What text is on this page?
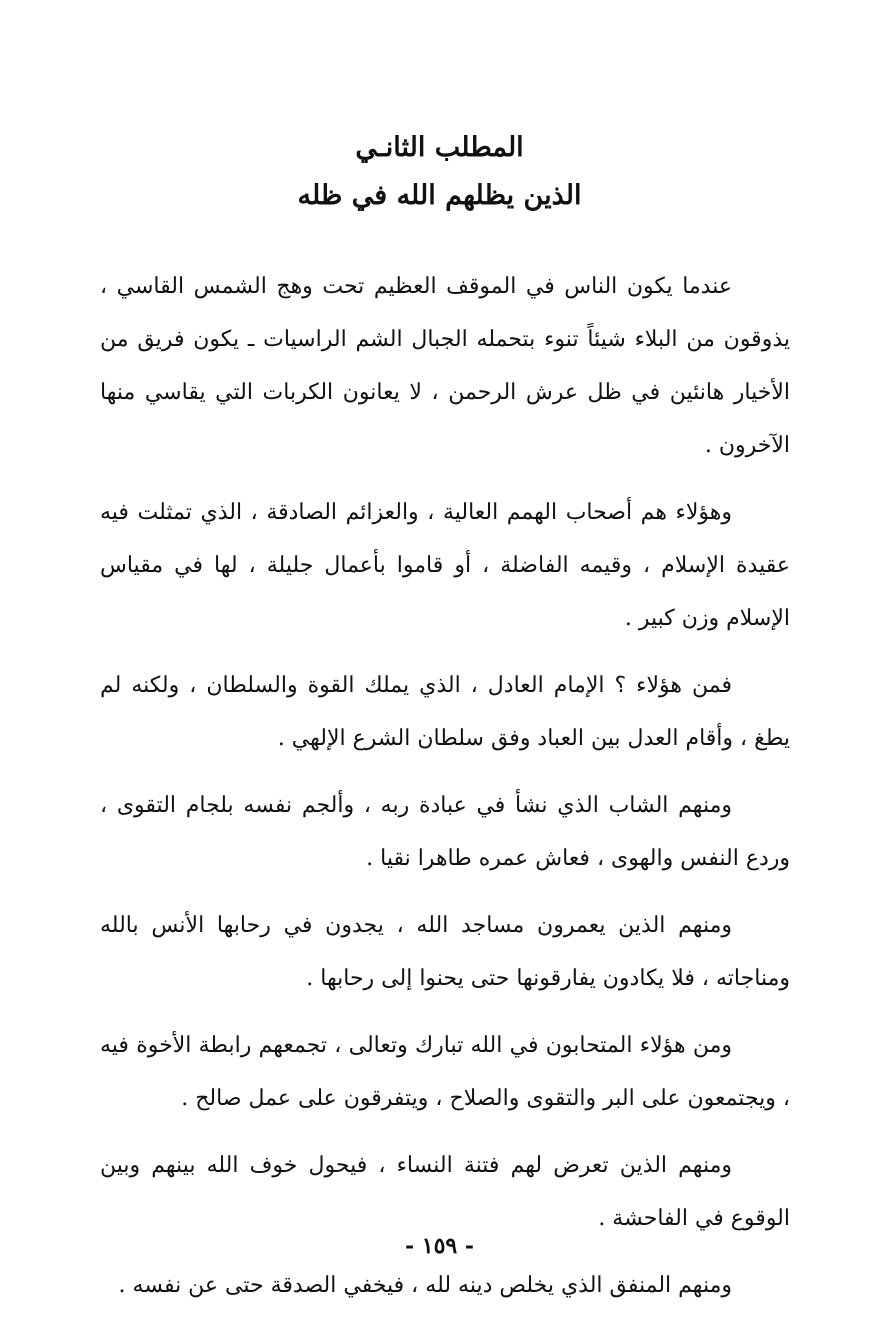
المطلب الثانـي
الذين يظلهم الله في ظله

عندما يكون الناس في الموقف العظيم تحت وهج الشمس القاسي ، يذوقون من البلاء شيئاً تنوء بتحمله الجبال الشم الراسيات ـ يكون فريق من الأخيار هانئين في ظل عرش الرحمن ، لا يعانون الكربات التي يقاسي منها الآخرون .

وهؤلاء هم أصحاب الهمم العالية ، والعزائم الصادقة ، الذي تمثلت فيه عقيدة الإسلام ، وقيمه الفاضلة ، أو قاموا بأعمال جليلة ، لها في مقياس الإسلام وزن كبير .

فمن هؤلاء ؟ الإمام العادل ، الذي يملك القوة والسلطان ، ولكنه لم يطغ ، وأقام العدل بين العباد وفق سلطان الشرع الإلهي .

ومنهم الشاب الذي نشأ في عبادة ربه ، وألجم نفسه بلجام التقوى ، وردع النفس والهوى ، فعاش عمره طاهرا نقيا .

ومنهم الذين يعمرون مساجد الله ، يجدون في رحابها الأنس بالله ومناجاته ، فلا يكادون يفارقونها حتى يحنوا إلى رحابها .

ومن هؤلاء المتحابون في الله تبارك وتعالى ، تجمعهم رابطة الأخوة فيه ، ويجتمعون على البر والتقوى والصلاح ، ويتفرقون على عمل صالح .

ومنهم الذين تعرض لهم فتنة النساء ، فيحول خوف الله بينهم وبين الوقوع في الفاحشة .

ومنهم المنفق الذي يخلص دينه لله ، فيخفي الصدقة حتى عن نفسه .

- ١٥٩ -
